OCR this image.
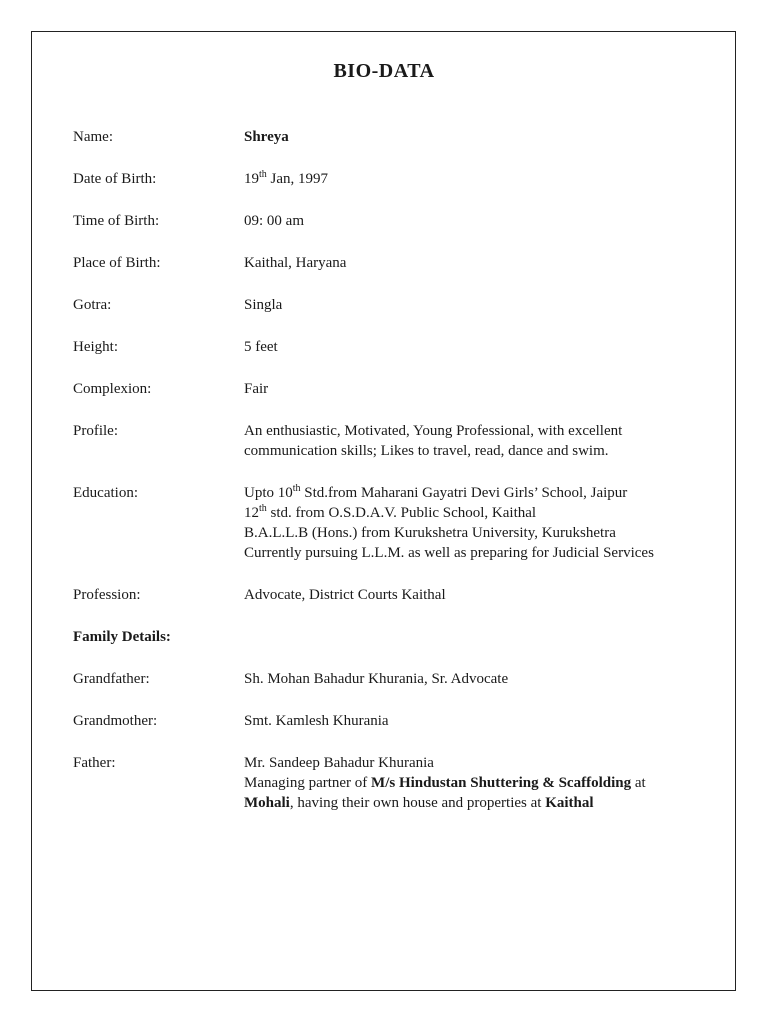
BIO-DATA
Name:	Shreya
Date of Birth:	19th Jan, 1997
Time of Birth:	09: 00 am
Place of Birth:	Kaithal, Haryana
Gotra:	Singla
Height:	5 feet
Complexion:	Fair
Profile:	An enthusiastic, Motivated, Young Professional, with excellent communication skills; Likes to travel, read, dance and swim.
Education:	Upto 10th Std.from Maharani Gayatri Devi Girls’ School, Jaipur
12th std. from O.S.D.A.V. Public School, Kaithal
B.A.L.L.B (Hons.) from Kurukshetra University, Kurukshetra
Currently pursuing L.L.M. as well as preparing for Judicial Services
Profession:	Advocate, District Courts Kaithal
Family Details:
Grandfather:	Sh. Mohan Bahadur Khurania, Sr. Advocate
Grandmother:	Smt. Kamlesh Khurania
Father:	Mr. Sandeep Bahadur Khurania
Managing partner of M/s Hindustan Shuttering & Scaffolding at Mohali, having their own house and properties at Kaithal
